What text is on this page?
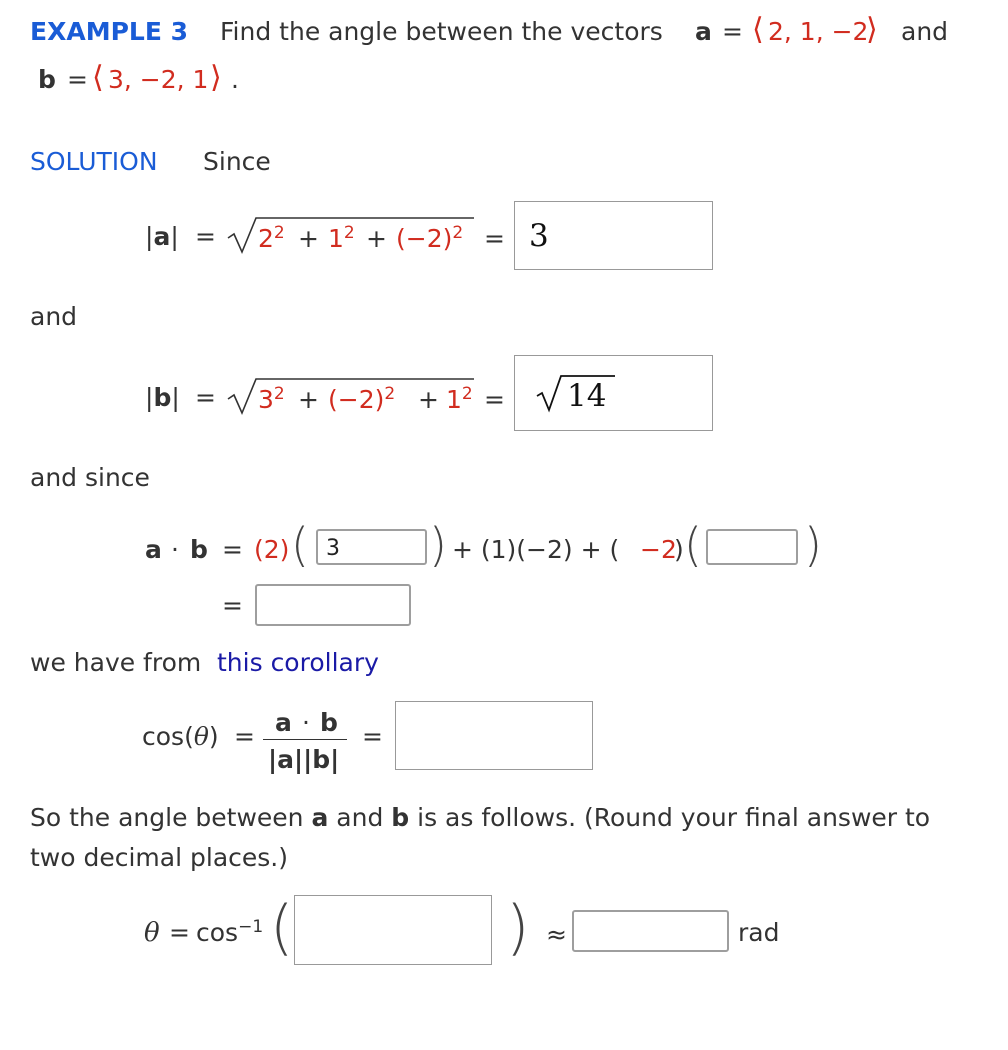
EXAMPLE 3 Find the angle between the vectors a = ⟨ 2, 1, −2
⟩ and
b = ⟨ 3, −2, 1 ⟩ .
SOLUTION Since
$|a| = 2^2 + 1^2 + (-2)^2 = 3$
and
$|b| = 3^2 + (-2)^2 + 1^2 = 14$
and since
a · b = (2) ( 3 ) + (1)(−2) + ( −2
) ( )
=
we have from this corollary
cos(θ) = a · b
|a||b|
=
So the angle between a and b is as follows. (Round your final answer to
two decimal places.)
$\theta = \cos^{-1}$ (	) ≈	rad
